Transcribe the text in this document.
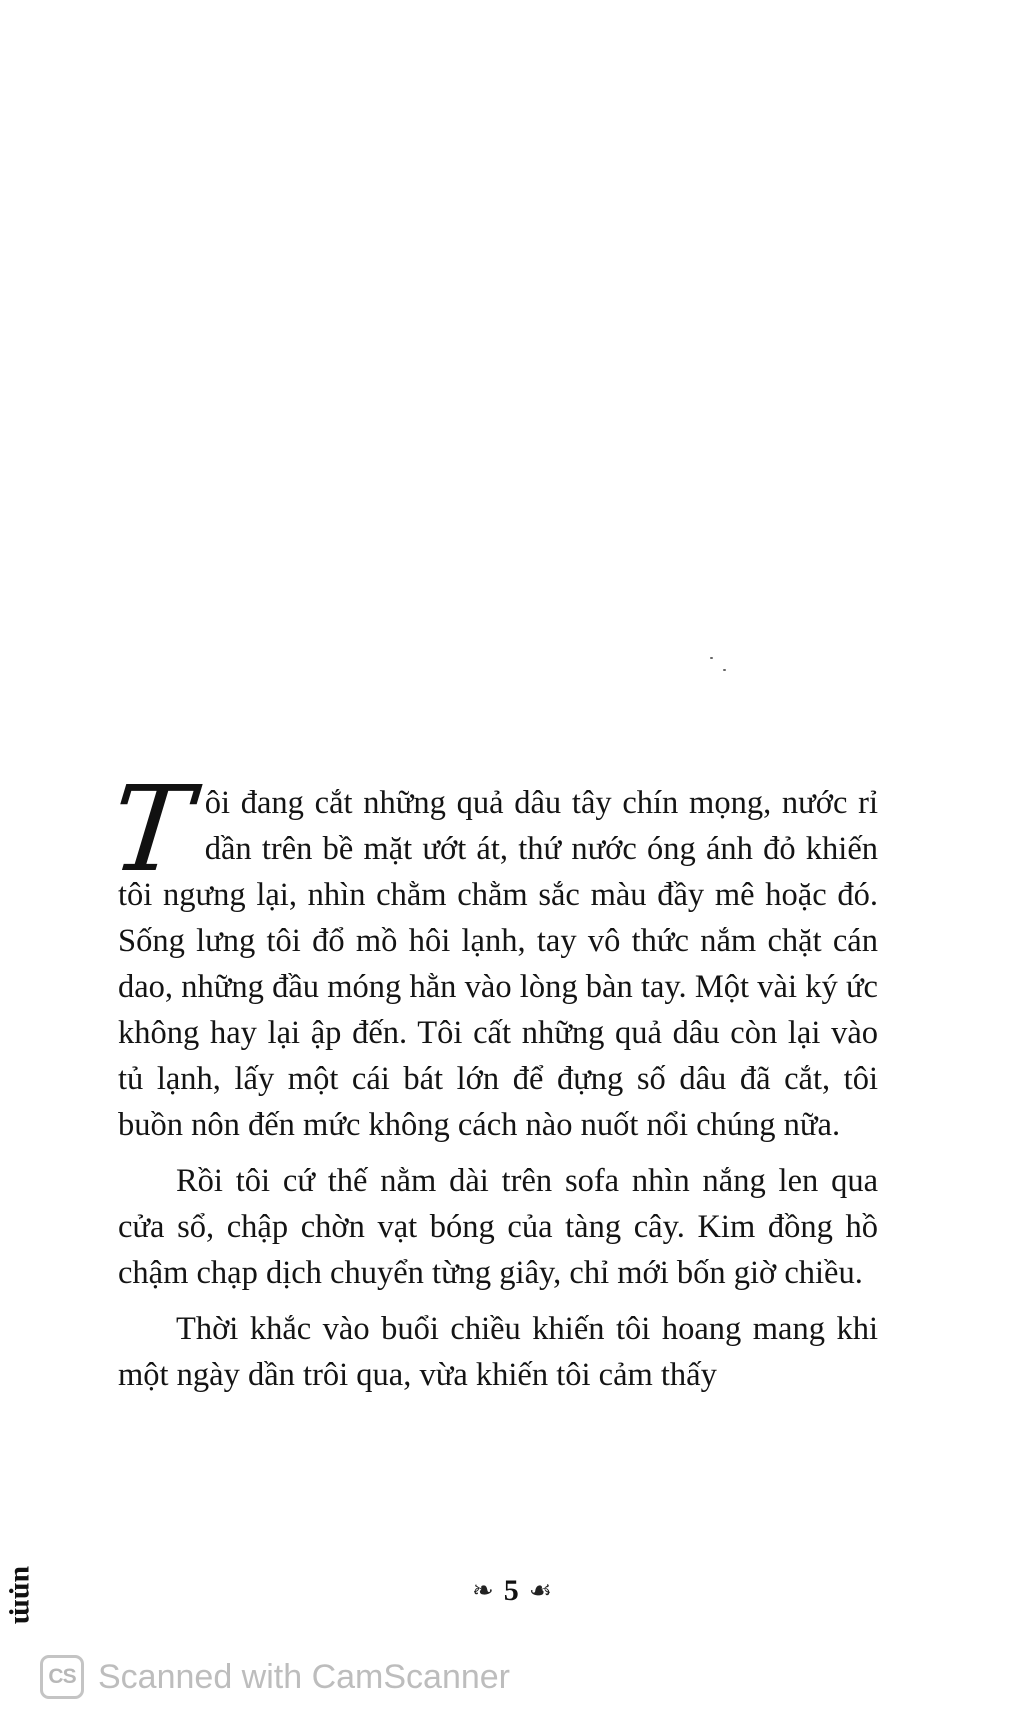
Tôi đang cắt những quả dâu tây chín mọng, nước rỉ dần trên bề mặt ướt át, thứ nước óng ánh đỏ khiến tôi ngưng lại, nhìn chằm chằm sắc màu đầy mê hoặc đó. Sống lưng tôi đổ mồ hôi lạnh, tay vô thức nắm chặt cán dao, những đầu móng hằn vào lòng bàn tay. Một vài ký ức không hay lại ập đến. Tôi cất những quả dâu còn lại vào tủ lạnh, lấy một cái bát lớn để đựng số dâu đã cắt, tôi buồn nôn đến mức không cách nào nuốt nổi chúng nữa.

Rồi tôi cứ thế nằm dài trên sofa nhìn nắng len qua cửa sổ, chập chờn vạt bóng của tàng cây. Kim đồng hồ chậm chạp dịch chuyển từng giây, chỉ mới bốn giờ chiều.

Thời khắc vào buổi chiều khiến tôi hoang mang khi một ngày dần trôi qua, vừa khiến tôi cảm thấy

❧ 5 ☙
uṇṃ
CS Scanned with CamScanner
